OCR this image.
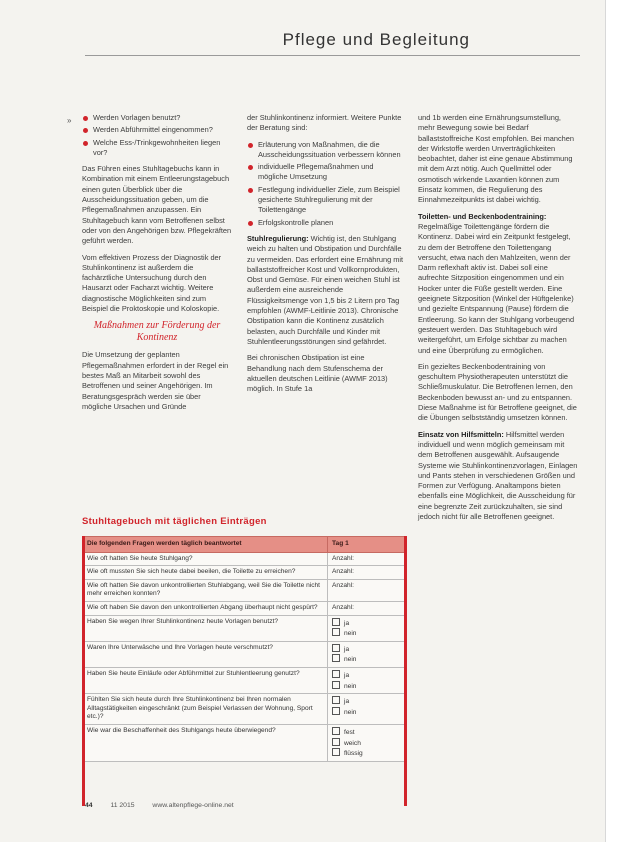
Pflege und Begleitung
»	Werden Vorlagen benutzt?
Werden Abführmittel eingenommen?
Welche Ess-/Trinkgewohnheiten liegen vor?

Das Führen eines Stuhltagebuchs kann in Kombination mit einem Entleerungstagebuch einen guten Überblick über die Ausscheidungssituation geben, um die Pflegemaßnahmen anzupassen. Ein Stuhltagebuch kann vom Betroffenen selbst oder von den Angehörigen bzw. Pflegekräften geführt werden.

Vom effektiven Prozess der Diagnostik der Stuhlinkontinenz ist außerdem die fachärztliche Untersuchung durch den Hausarzt oder Facharzt wichtig. Weitere diagnostische Möglichkeiten sind zum Beispiel die Proktoskopie und Koloskopie.

Maßnahmen zur Förderung der Kontinenz

Die Umsetzung der geplanten Pflegemaßnahmen erfordert in der Regel ein bestes Maß an Mitarbeit sowohl des Betroffenen und seiner Angehörigen. Im Beratungsgespräch werden sie über mögliche Ursachen und Gründe

der Stuhlinkontinenz informiert. Weitere Punkte der Beratung sind:

Erläuterung von Maßnahmen, die die Ausscheidungssituation verbessern können
individuelle Pflegemaßnahmen und mögliche Umsetzung
Festlegung individueller Ziele, zum Beispiel gesicherte Stuhlregulierung mit der Toilettengänge
Erfolgskontrolle planen

Stuhlregulierung: Wichtig ist, den Stuhlgang weich zu halten und Obstipation und Durchfälle zu vermeiden. Das erfordert eine Ernährung mit ballaststoffreicher Kost und Vollkornprodukten, Obst und Gemüse. Für einen weichen Stuhl ist außerdem eine ausreichende Flüssigkeitsmenge von 1,5 bis 2 Litern pro Tag empfohlen (AWMF-Leitlinie 2013). Chronische Obstipation kann die Kontinenz zusätzlich belasten, auch Durchfälle und Kinder mit Stuhlentleerungsstörungen sind gefährdet.

Bei chronischen Obstipation ist eine Behandlung nach dem Stufenschema der aktuellen deutschen Leitlinie (AWMF 2013) möglich. In Stufe 1a

und 1b werden eine Ernährungsumstellung, mehr Bewegung sowie bei Bedarf ballaststoffreiche Kost empfohlen. Bei manchen der Wirkstoffe werden Unverträglichkeiten beobachtet, daher ist eine genaue Abstimmung mit dem Arzt nötig. Auch Quellmittel oder osmotisch wirkende Laxantien können zum Einsatz kommen, die Regulierung des Einnahmezeitpunkts ist dabei wichtig.

Toiletten- und Beckenbodentraining: Regelmäßige Toilettengänge fördern die Kontinenz. Dabei wird ein Zeitpunkt festgelegt, zu dem der Betroffene den Toilettengang versucht, etwa nach den Mahlzeiten, wenn der Darm reflexhaft aktiv ist. Dabei soll eine aufrechte Sitzposition eingenommen und ein Hocker unter die Füße gestellt werden. Eine geeignete Sitzposition (Winkel der Hüftgelenke) und gezielte Entspannung (Pause) fördern die Entleerung. So kann der Stuhlgang vorbeugend gesteuert werden. Das Stuhltagebuch wird weitergeführt, um Erfolge sichtbar zu machen und eine Überprüfung zu ermöglichen.

Ein gezieltes Beckenbodentraining von geschultem Physiotherapeuten unterstützt die Schließmuskulatur. Die Betroffenen lernen, den Beckenboden bewusst an- und zu entspannen. Diese Maßnahme ist für Betroffene geeignet, die die Übungen selbstständig umsetzen können.

Einsatz von Hilfsmitteln: Hilfsmittel werden individuell und wenn möglich gemeinsam mit dem Betroffenen ausgewählt. Aufsaugende Systeme wie Stuhlinkontinenzvorlagen, Einlagen und Pants stehen in verschiedenen Größen und Formen zur Verfügung. Analtampons bieten ebenfalls eine Möglichkeit, die Ausscheidung für eine begrenzte Zeit zurückzuhalten, sie sind jedoch nicht für alle Betroffenen geeignet.

Stuhltagebuch mit täglichen Einträgen
Die folgenden Fragen werden täglich beantwortet	Tag 1
Wie oft hatten Sie heute Stuhlgang?	Anzahl:
Wie oft mussten Sie sich heute dabei beeilen, die Toilette zu erreichen?	Anzahl:
Wie oft hatten Sie davon unkontrollierten Stuhlabgang, weil Sie die Toilette nicht mehr erreichen konnten?	Anzahl:
Wie oft haben Sie davon den unkontrollierten Abgang überhaupt nicht gespürt?	Anzahl:
Haben Sie wegen Ihrer Stuhlinkontinenz heute Vorlagen benutzt?	ja
nein

Waren Ihre Unterwäsche und Ihre Vorlagen heute verschmutzt?	ja
nein

Haben Sie heute Einläufe oder Abführmittel zur Stuhlentleerung genutzt?	ja
nein

Fühlten Sie sich heute durch Ihre Stuhlinkontinenz bei Ihren normalen Alltagstätigkeiten eingeschränkt (zum Beispiel Verlassen der Wohnung, Sport etc.)?	ja
nein

Wie war die Beschaffenheit des Stuhlgangs heute überwiegend?	fest
weich
flüssig
44	11 2015	www.altenpflege-online.net
